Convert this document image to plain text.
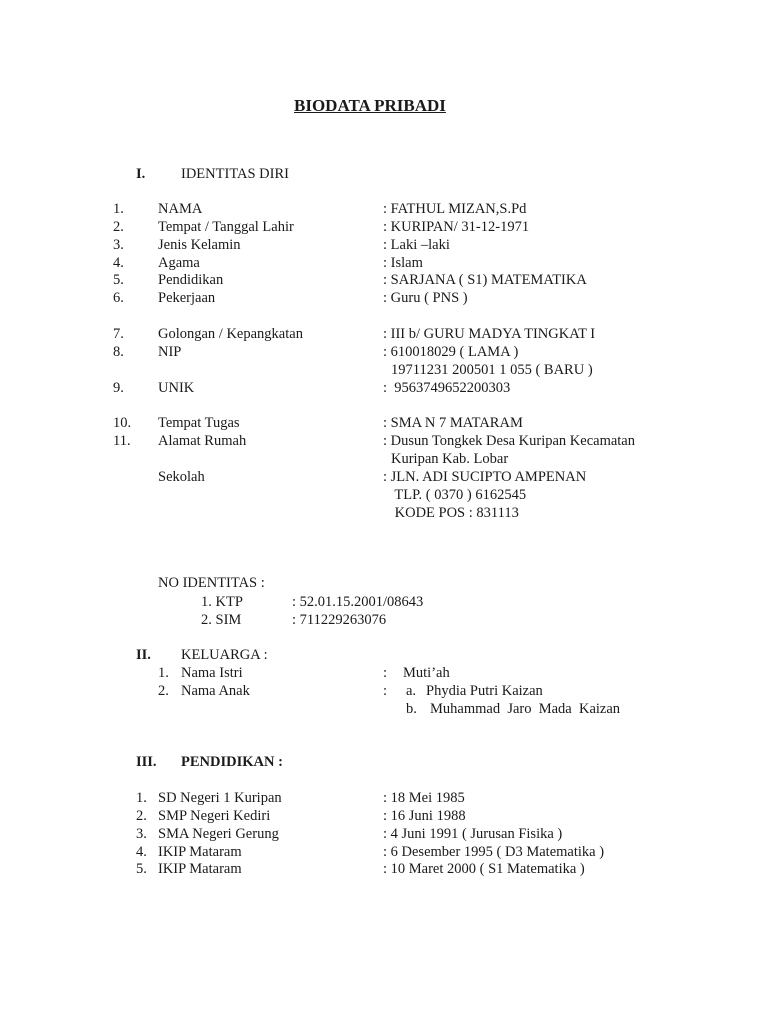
BIODATA PRIBADI
I. IDENTITAS DIRI
1. NAMA	: FATHUL MIZAN,S.Pd
2. Tempat / Tanggal Lahir	: KURIPAN/ 31-12-1971
3. Jenis Kelamin	: Laki –laki
4. Agama	: Islam
5. Pendidikan	: SARJANA ( S1) MATEMATIKA
6. Pekerjaan	: Guru ( PNS )
7. Golongan / Kepangkatan	: III b/ GURU MADYA TINGKAT I
8. NIP	: 610018029 ( LAMA )
19711231 200501 1 055 ( BARU )
9. UNIK	:  9563749652200303
10. Tempat Tugas	: SMA N 7 MATARAM
11. Alamat Rumah	: Dusun Tongkek Desa Kuripan Kecamatan
Kuripan Kab. Lobar
Sekolah	: JLN. ADI SUCIPTO AMPENAN
TLP. ( 0370 ) 6162545
KODE POS : 831113
NO IDENTITAS :
1. KTP	: 52.01.15.2001/08643
2. SIM	: 711229263076
II. KELUARGA :
1. Nama Istri	: Muti’ah
2. Nama Anak	: a. Phydia Putri Kaizan
b. Muhammad  Jaro  Mada  Kaizan
III. PENDIDIKAN :
1. SD Negeri 1 Kuripan	: 18 Mei 1985
2. SMP Negeri Kediri	: 16 Juni 1988
3. SMA Negeri Gerung	: 4 Juni 1991 ( Jurusan Fisika )
4. IKIP Mataram	: 6 Desember 1995 ( D3 Matematika )
5. IKIP Mataram	: 10 Maret 2000 ( S1 Matematika )
